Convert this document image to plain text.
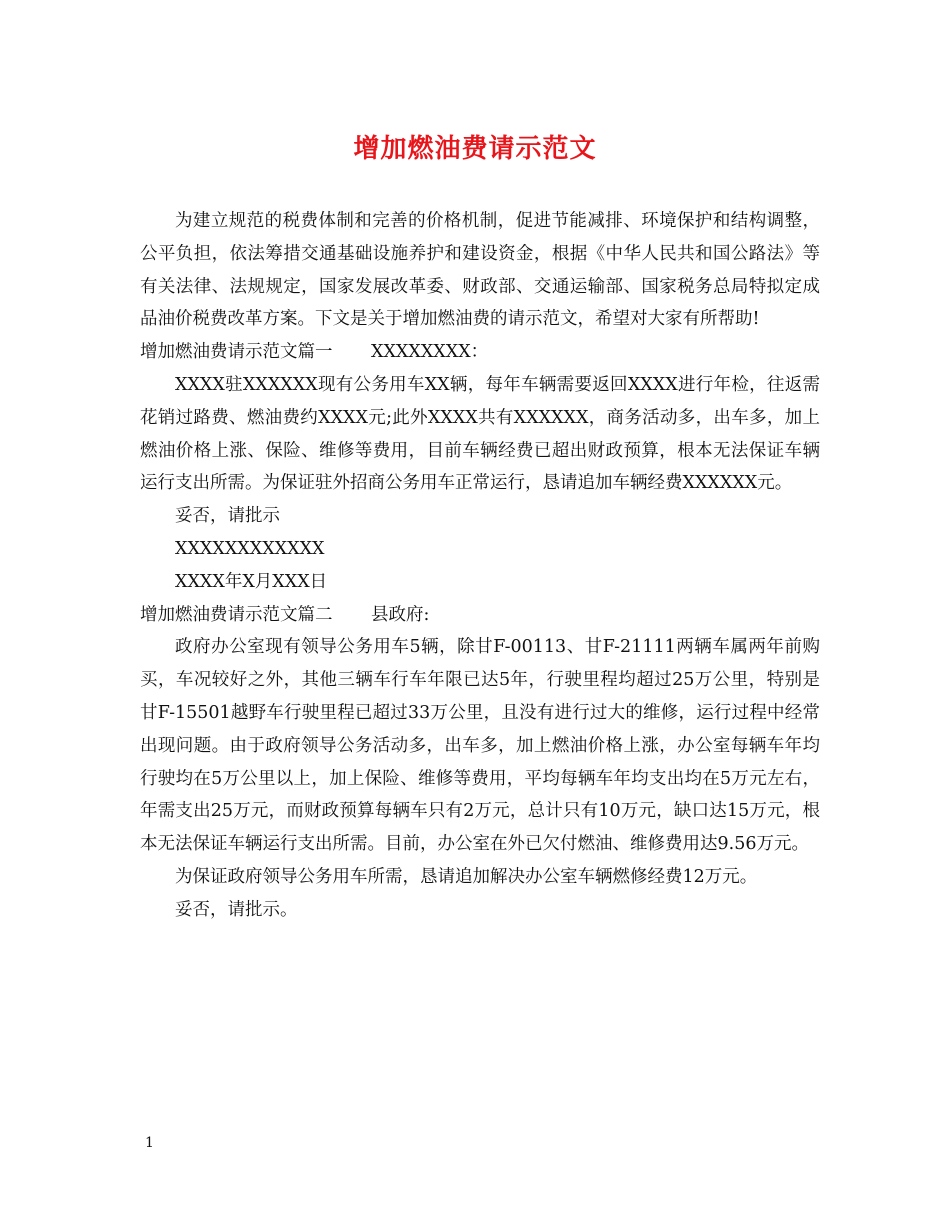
增加燃油费请示范文

为建立规范的税费体制和完善的价格机制，促进节能减排、环境保护和结构调整，公平负担，依法筹措交通基础设施养护和建设资金，根据《中华人民共和国公路法》等有关法律、法规规定，国家发展改革委、财政部、交通运输部、国家税务总局特拟定成品油价税费改革方案。下文是关于增加燃油费的请示范文，希望对大家有所帮助!

增加燃油费请示范文篇一 XXXXXXXX：

XXXX驻XXXXXX现有公务用车XX辆，每年车辆需要返回XXXX进行年检，往返需花销过路费、燃油费约XXXX元;此外XXXX共有XXXXXX，商务活动多，出车多，加上燃油价格上涨、保险、维修等费用，目前车辆经费已超出财政预算，根本无法保证车辆运行支出所需。为保证驻外招商公务用车正常运行，恳请追加车辆经费XXXXXX元。

妥否，请批示

XXXXXXXXXXXX

XXXX年X月XXX日

增加燃油费请示范文篇二 县政府:

政府办公室现有领导公务用车5辆，除甘F-00113、甘F-21111两辆车属两年前购买，车况较好之外，其他三辆车行车年限已达5年，行驶里程均超过25万公里，特别是甘F-15501越野车行驶里程已超过33万公里，且没有进行过大的维修，运行过程中经常出现问题。由于政府领导公务活动多，出车多，加上燃油价格上涨，办公室每辆车年均行驶均在5万公里以上，加上保险、维修等费用，平均每辆车年均支出均在5万元左右，年需支出25万元，而财政预算每辆车只有2万元，总计只有10万元，缺口达15万元，根本无法保证车辆运行支出所需。目前，办公室在外已欠付燃油、维修费用达9.56万元。

为保证政府领导公务用车所需，恳请追加解决办公室车辆燃修经费12万元。

妥否，请批示。

1
